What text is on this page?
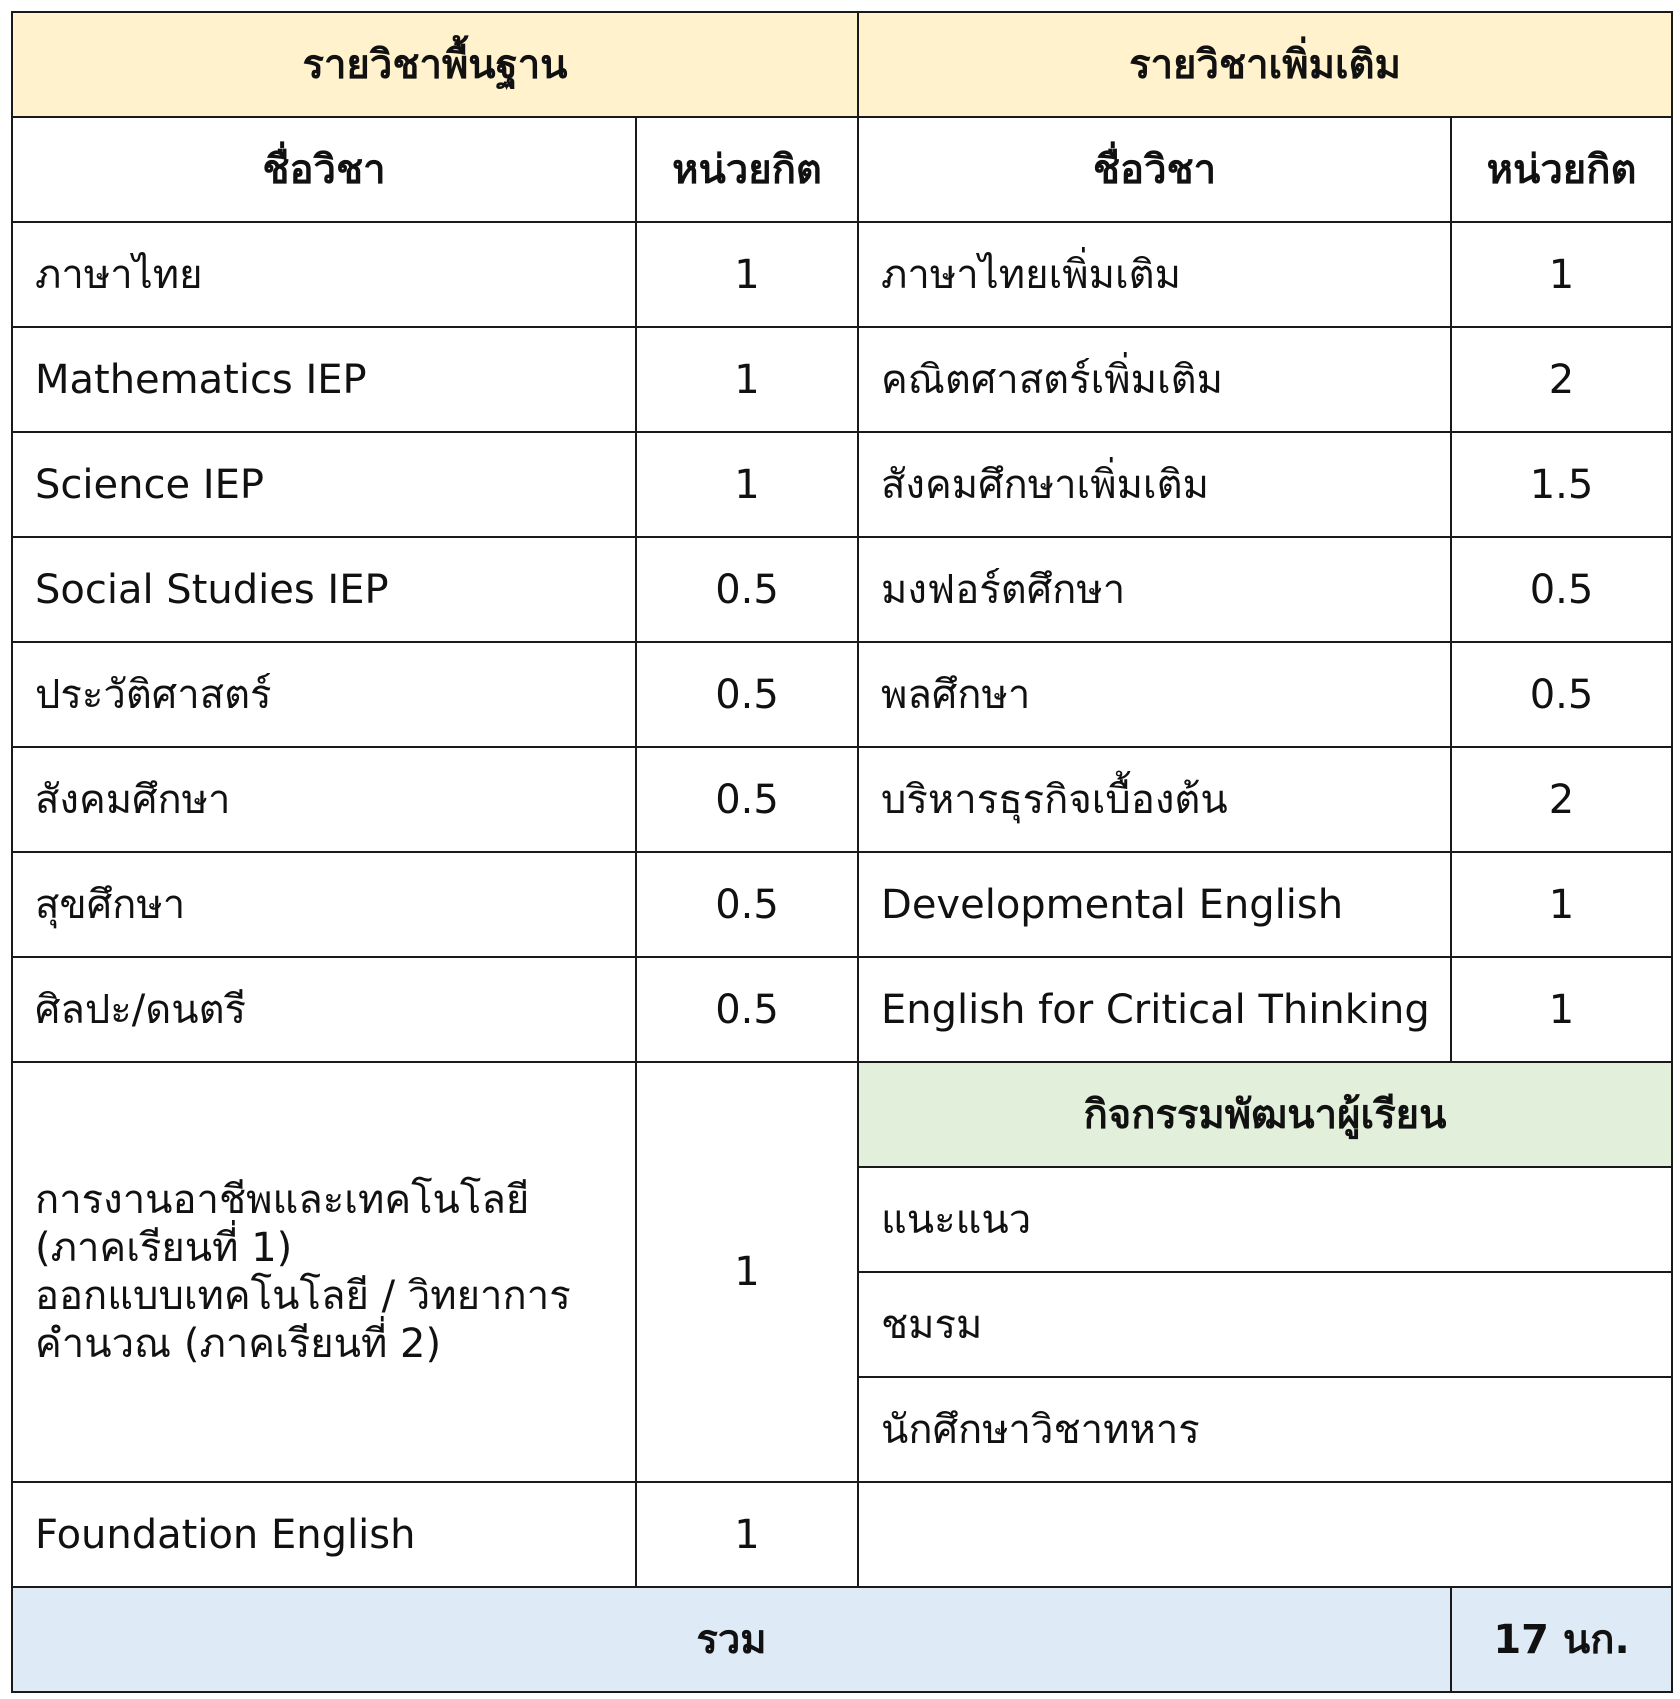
รายวิชาพื้นฐาน		รายวิชาเพิ่มเติม	
ชื่อวิชา	หน่วยกิต	ชื่อวิชา	หน่วยกิต
ภาษาไทย	1	ภาษาไทยเพิ่มเติม	1
Mathematics IEP	1	คณิตศาสตร์เพิ่มเติม	2
Science IEP	1	สังคมศึกษาเพิ่มเติม	1.5
Social Studies IEP	0.5	มงฟอร์ตศึกษา	0.5
ประวัติศาสตร์	0.5	พลศึกษา	0.5
สังคมศึกษา	0.5	บริหารธุรกิจเบื้องต้น	2
สุขศึกษา	0.5	Developmental English	1
ศิลปะ/ดนตรี	0.5	English for Critical Thinking	1

การงานอาชีพและเทคโนโลยี
(ภาคเรียนที่ 1)
ออกแบบเทคโนโลยี / วิทยาการ
คำนวณ (ภาคเรียนที่ 2)	1	กิจกรรมพัฒนาผู้เรียน	
		แนะแนว	
		ชมรม	
		นักศึกษาวิชาทหาร	
Foundation English	1		
รวม			17 นก.
